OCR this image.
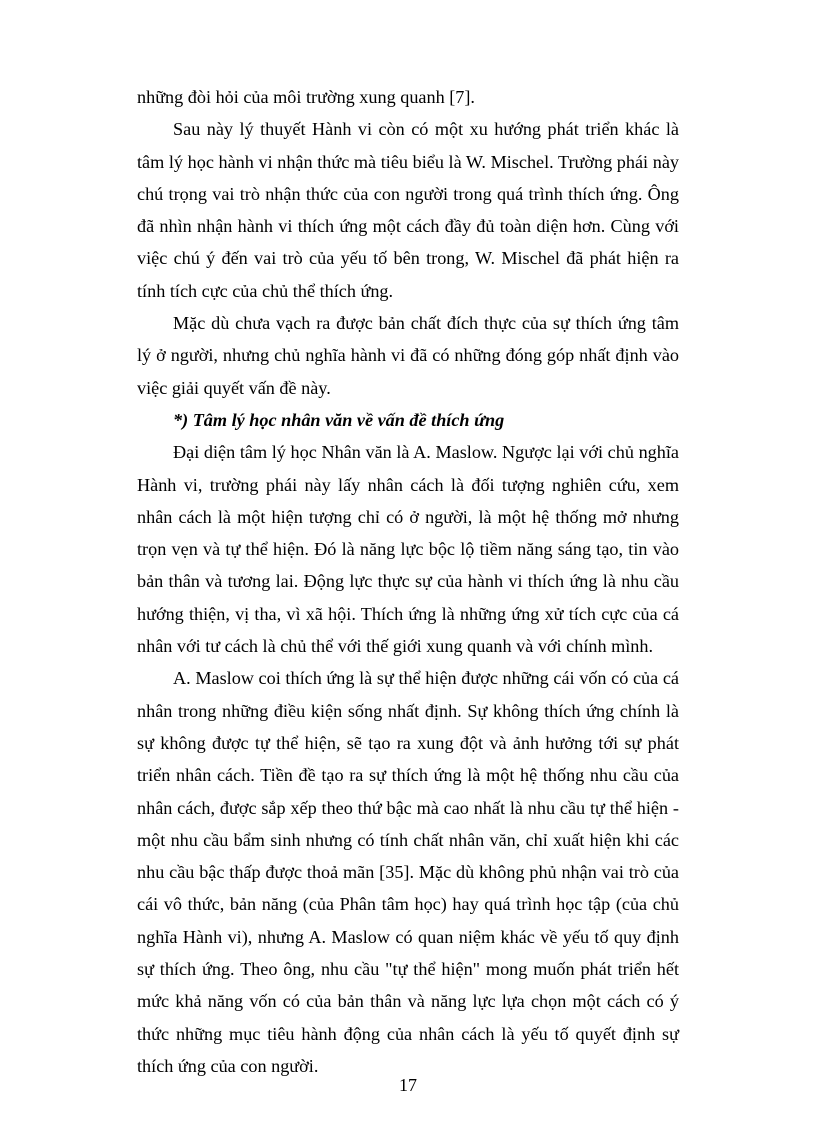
những đòi hỏi của môi trường xung quanh [7].

Sau này lý thuyết Hành vi còn có một xu hướng phát triển khác là tâm lý học hành vi nhận thức mà tiêu biểu là W. Mischel. Trường phái này chú trọng vai trò nhận thức của con người trong quá trình thích ứng. Ông đã nhìn nhận hành vi thích ứng một cách đầy đủ toàn diện hơn. Cùng với việc chú ý đến vai trò của yếu tố bên trong, W. Mischel đã phát hiện ra tính tích cực của chủ thể thích ứng.

Mặc dù chưa vạch ra được bản chất đích thực của sự thích ứng tâm lý ở người, nhưng chủ nghĩa hành vi đã có những đóng góp nhất định vào việc giải quyết vấn đề này.

*) Tâm lý học nhân văn về vấn đề thích ứng

Đại diện tâm lý học Nhân văn là A. Maslow. Ngược lại với chủ nghĩa Hành vi, trường phái này lấy nhân cách là đối tượng nghiên cứu, xem nhân cách là một hiện tượng chỉ có ở người, là một hệ thống mở nhưng trọn vẹn và tự thể hiện. Đó là năng lực bộc lộ tiềm năng sáng tạo, tin vào bản thân và tương lai. Động lực thực sự của hành vi thích ứng là nhu cầu hướng thiện, vị tha, vì xã hội. Thích ứng là những ứng xử tích cực của cá nhân với tư cách là chủ thể với thế giới xung quanh và với chính mình.

A. Maslow coi thích ứng là sự thể hiện được những cái vốn có của cá nhân trong những điều kiện sống nhất định. Sự không thích ứng chính là sự không được tự thể hiện, sẽ tạo ra xung đột và ảnh hưởng tới sự phát triển nhân cách. Tiền đề tạo ra sự thích ứng là một hệ thống nhu cầu của nhân cách, được sắp xếp theo thứ bậc mà cao nhất là nhu cầu tự thể hiện - một nhu cầu bẩm sinh nhưng có tính chất nhân văn, chỉ xuất hiện khi các nhu cầu bậc thấp được thoả mãn [35]. Mặc dù không phủ nhận vai trò của cái vô thức, bản năng (của Phân tâm học) hay quá trình học tập (của chủ nghĩa Hành vi), nhưng A. Maslow có quan niệm khác về yếu tố quy định sự thích ứng. Theo ông, nhu cầu "tự thể hiện" mong muốn phát triển hết mức khả năng vốn có của bản thân và năng lực lựa chọn một cách có ý thức những mục tiêu hành động của nhân cách là yếu tố quyết định sự thích ứng của con người.

17
